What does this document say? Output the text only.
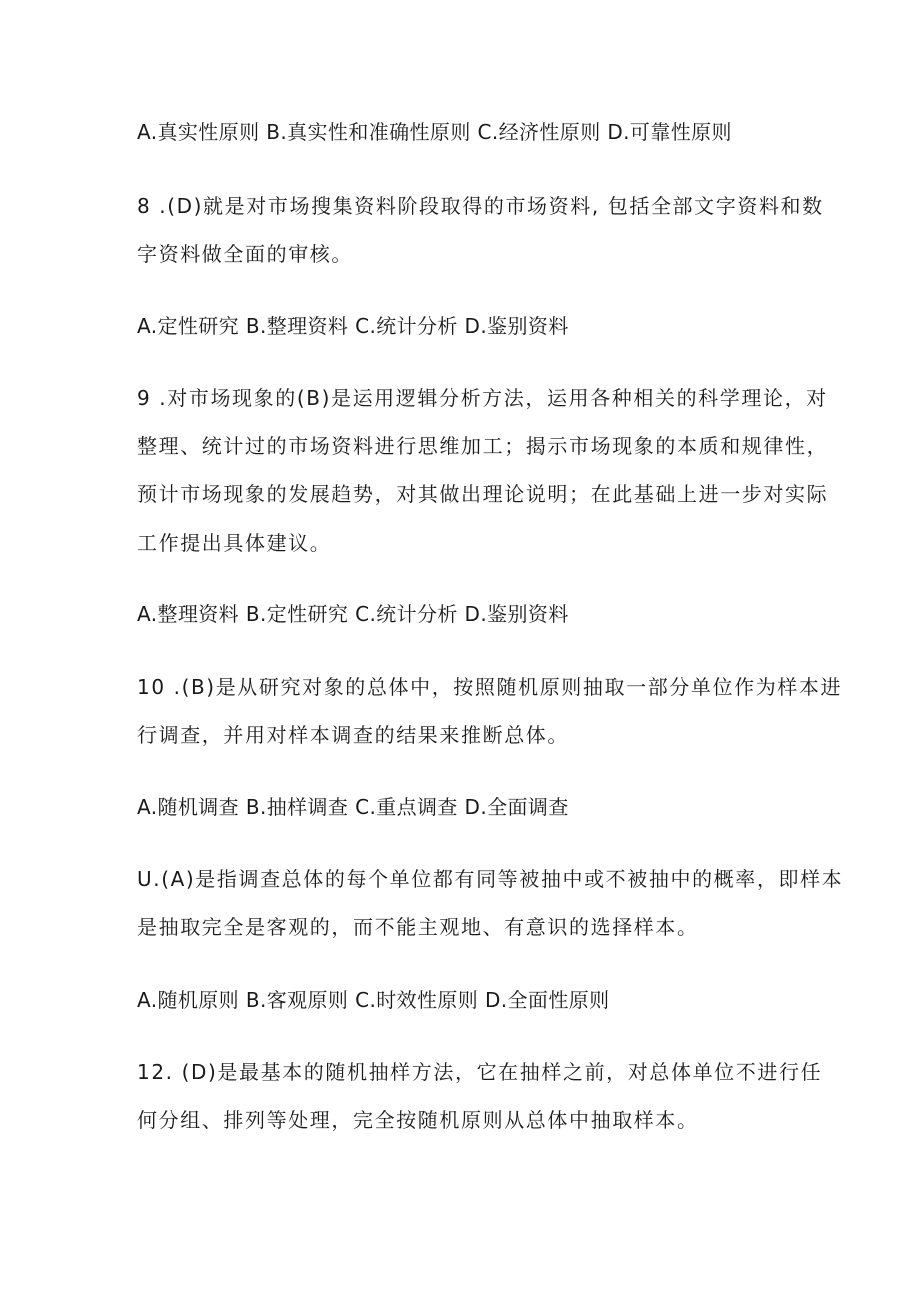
A.真实性原则 B.真实性和准确性原则 C.经济性原则 D.可靠性原则
8 .(D)就是对市场搜集资料阶段取得的市场资料, 包括全部文字资料和数
字资料做全面的审核。
A.定性研究 B.整理资料 C.统计分析 D.鉴别资料
9 .对市场现象的(B)是运用逻辑分析方法，运用各种相关的科学理论，对
整理、统计过的市场资料进行思维加工；揭示市场现象的本质和规律性，
预计市场现象的发展趋势，对其做出理论说明；在此基础上进一步对实际
工作提出具体建议。
A.整理资料 B.定性研究 C.统计分析 D.鉴别资料
10 .(B)是从研究对象的总体中，按照随机原则抽取一部分单位作为样本进
行调查，并用对样本调查的结果来推断总体。
A.随机调查 B.抽样调查 C.重点调查 D.全面调查
U.(A)是指调查总体的每个单位都有同等被抽中或不被抽中的概率，即样本
是抽取完全是客观的，而不能主观地、有意识的选择样本。
A.随机原则 B.客观原则 C.时效性原则 D.全面性原则
12. (D)是最基本的随机抽样方法，它在抽样之前，对总体单位不进行任
何分组、排列等处理，完全按随机原则从总体中抽取样本。
